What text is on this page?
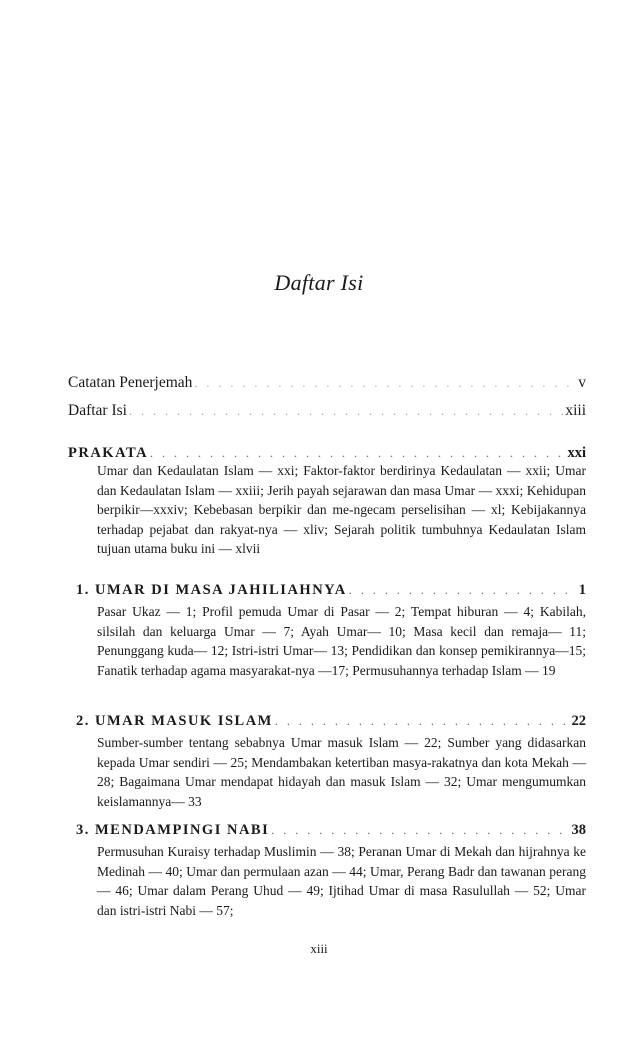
Daftar Isi
Catatan Penerjemah . . .	v
Daftar Isi . . .	xiii
PRAKATA . . .	xxi
Umar dan Kedaulatan Islam — xxi; Faktor-faktor berdirinya Kedaulatan — xxii; Umar dan Kedaulatan Islam — xxiii; Jerih payah sejarawan dan masa Umar — xxxi; Kehidupan berpikir—xxxiv; Kebebasan berpikir dan me-ngecam perselisihan — xl; Kebijakannya terhadap pejabat dan rakyat-nya — xliv; Sejarah politik tumbuhnya Kedaulatan Islam tujuan utama buku ini — xlvii
1. UMAR DI MASA JAHILIAHNYA . . .	1
Pasar Ukaz — 1; Profil pemuda Umar di Pasar — 2; Tempat hiburan — 4; Kabilah, silsilah dan keluarga Umar — 7; Ayah Umar— 10; Masa kecil dan remaja— 11; Penunggang kuda— 12; Istri-istri Umar— 13; Pendidikan dan konsep pemikirannya—15; Fanatik terhadap agama masyarakat-nya —17; Permusuhannya terhadap Islam — 19
2. UMAR MASUK ISLAM . . .	22
Sumber-sumber tentang sebabnya Umar masuk Islam — 22; Sumber yang didasarkan kepada Umar sendiri — 25; Mendambakan ketertiban masya-rakatnya dan kota Mekah — 28; Bagaimana Umar mendapat hidayah dan masuk Islam — 32; Umar mengumumkan keislamannya— 33
3. MENDAMPINGI NABI . . .	38
Permusuhan Kuraisy terhadap Muslimin — 38; Peranan Umar di Mekah dan hijrahnya ke Medinah — 40; Umar dan permulaan azan — 44; Umar, Perang Badr dan tawanan perang — 46; Umar dalam Perang Uhud — 49; Ijtihad Umar di masa Rasulullah — 52; Umar dan istri-istri Nabi — 57;
xiii
